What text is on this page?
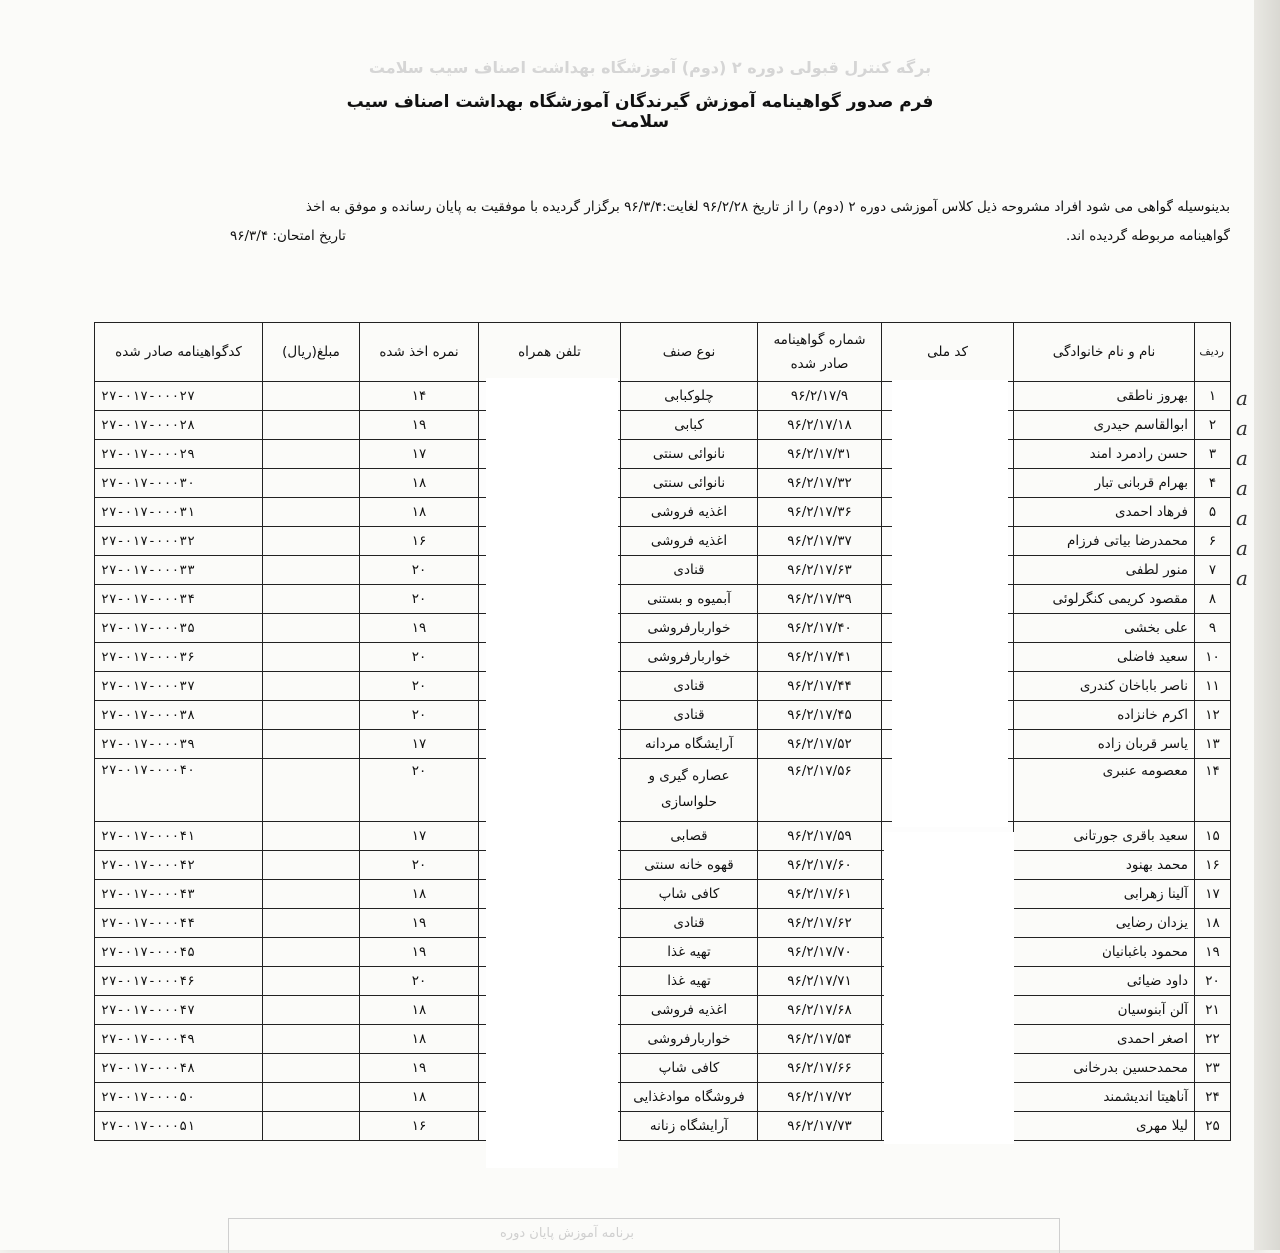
برگه کنترل قبولی دوره ۲ (دوم) آموزشگاه بهداشت اصناف سیب سلامت
فرم صدور گواهینامه آموزش گیرندگان آموزشگاه بهداشت اصناف سیب سلامت
بدینوسیله گواهی می شود افراد مشروحه ذیل کلاس آموزشی دوره ۲ (دوم) را از تاریخ ۹۶/۲/۲۸ لغایت:۹۶/۳/۴ برگزار گردیده با موفقیت به پایان رسانده و موفق به اخذ
گواهینامه مربوطه گردیده اند.
تاریخ امتحان: ۹۶/۳/۴
ردیف	نام و نام خانوادگی	کد ملی	شماره گواهینامه صادر شده	نوع صنف	تلفن همراه	نمره اخذ شده	مبلغ(ریال)	کدگواهینامه صادر شده
۱	بهروز ناطقی		۹۶/۲/۱۷/۹	چلوکبابی		۱۴		۲۷-۰۱۷-۰۰۰۲۷
۲	ابوالقاسم حیدری		۹۶/۲/۱۷/۱۸	کبابی		۱۹		۲۷-۰۱۷-۰۰۰۲۸
۳	حسن رادمرد امند		۹۶/۲/۱۷/۳۱	نانوائی سنتی		۱۷		۲۷-۰۱۷-۰۰۰۲۹
۴	بهرام قربانی تبار		۹۶/۲/۱۷/۳۲	نانوائی سنتی		۱۸		۲۷-۰۱۷-۰۰۰۳۰
۵	فرهاد احمدی		۹۶/۲/۱۷/۳۶	اغذیه فروشی		۱۸		۲۷-۰۱۷-۰۰۰۳۱
۶	محمدرضا بیاتی فرزام		۹۶/۲/۱۷/۳۷	اغذیه فروشی		۱۶		۲۷-۰۱۷-۰۰۰۳۲
۷	منور لطفی		۹۶/۲/۱۷/۶۳	قنادی		۲۰		۲۷-۰۱۷-۰۰۰۳۳
۸	مقصود کریمی کنگرلوئی		۹۶/۲/۱۷/۳۹	آبمیوه و بستنی		۲۰		۲۷-۰۱۷-۰۰۰۳۴
۹	علی بخشی		۹۶/۲/۱۷/۴۰	خواربارفروشی		۱۹		۲۷-۰۱۷-۰۰۰۳۵
۱۰	سعید فاضلی		۹۶/۲/۱۷/۴۱	خواربارفروشی		۲۰		۲۷-۰۱۷-۰۰۰۳۶
۱۱	ناصر باباخان کندری		۹۶/۲/۱۷/۴۴	قنادی		۲۰		۲۷-۰۱۷-۰۰۰۳۷
۱۲	اکرم خانزاده		۹۶/۲/۱۷/۴۵	قنادی		۲۰		۲۷-۰۱۷-۰۰۰۳۸
۱۳	یاسر قربان زاده		۹۶/۲/۱۷/۵۲	آرایشگاه مردانه		۱۷		۲۷-۰۱۷-۰۰۰۳۹
۱۴	معصومه عنبری		۹۶/۲/۱۷/۵۶	عصاره گیری و حلواسازی		۲۰		۲۷-۰۱۷-۰۰۰۴۰
۱۵	سعید باقری جورتانی		۹۶/۲/۱۷/۵۹	قصابی		۱۷		۲۷-۰۱۷-۰۰۰۴۱
۱۶	محمد بهنود		۹۶/۲/۱۷/۶۰	قهوه خانه سنتی		۲۰		۲۷-۰۱۷-۰۰۰۴۲
۱۷	آلینا زهرابی		۹۶/۲/۱۷/۶۱	کافی شاپ		۱۸		۲۷-۰۱۷-۰۰۰۴۳
۱۸	یزدان رضایی		۹۶/۲/۱۷/۶۲	قنادی		۱۹		۲۷-۰۱۷-۰۰۰۴۴
۱۹	محمود باغبانیان		۹۶/۲/۱۷/۷۰	تهیه غذا		۱۹		۲۷-۰۱۷-۰۰۰۴۵
۲۰	داود ضیائی		۹۶/۲/۱۷/۷۱	تهیه غذا		۲۰		۲۷-۰۱۷-۰۰۰۴۶
۲۱	آلن آبنوسیان		۹۶/۲/۱۷/۶۸	اغذیه فروشی		۱۸		۲۷-۰۱۷-۰۰۰۴۷
۲۲	اصغر احمدی		۹۶/۲/۱۷/۵۴	خواربارفروشی		۱۸		۲۷-۰۱۷-۰۰۰۴۹
۲۳	محمدحسین بدرخانی		۹۶/۲/۱۷/۶۶	کافی شاپ		۱۹		۲۷-۰۱۷-۰۰۰۴۸
۲۴	آناهیتا اندیشمند		۹۶/۲/۱۷/۷۲	فروشگاه موادغذایی		۱۸		۲۷-۰۱۷-۰۰۰۵۰
۲۵	لیلا مهری		۹۶/۲/۱۷/۷۳	آرایشگاه زنانه		۱۶		۲۷-۰۱۷-۰۰۰۵۱
a
a
a
a
a
a
a
برنامه آموزش پایان دوره
